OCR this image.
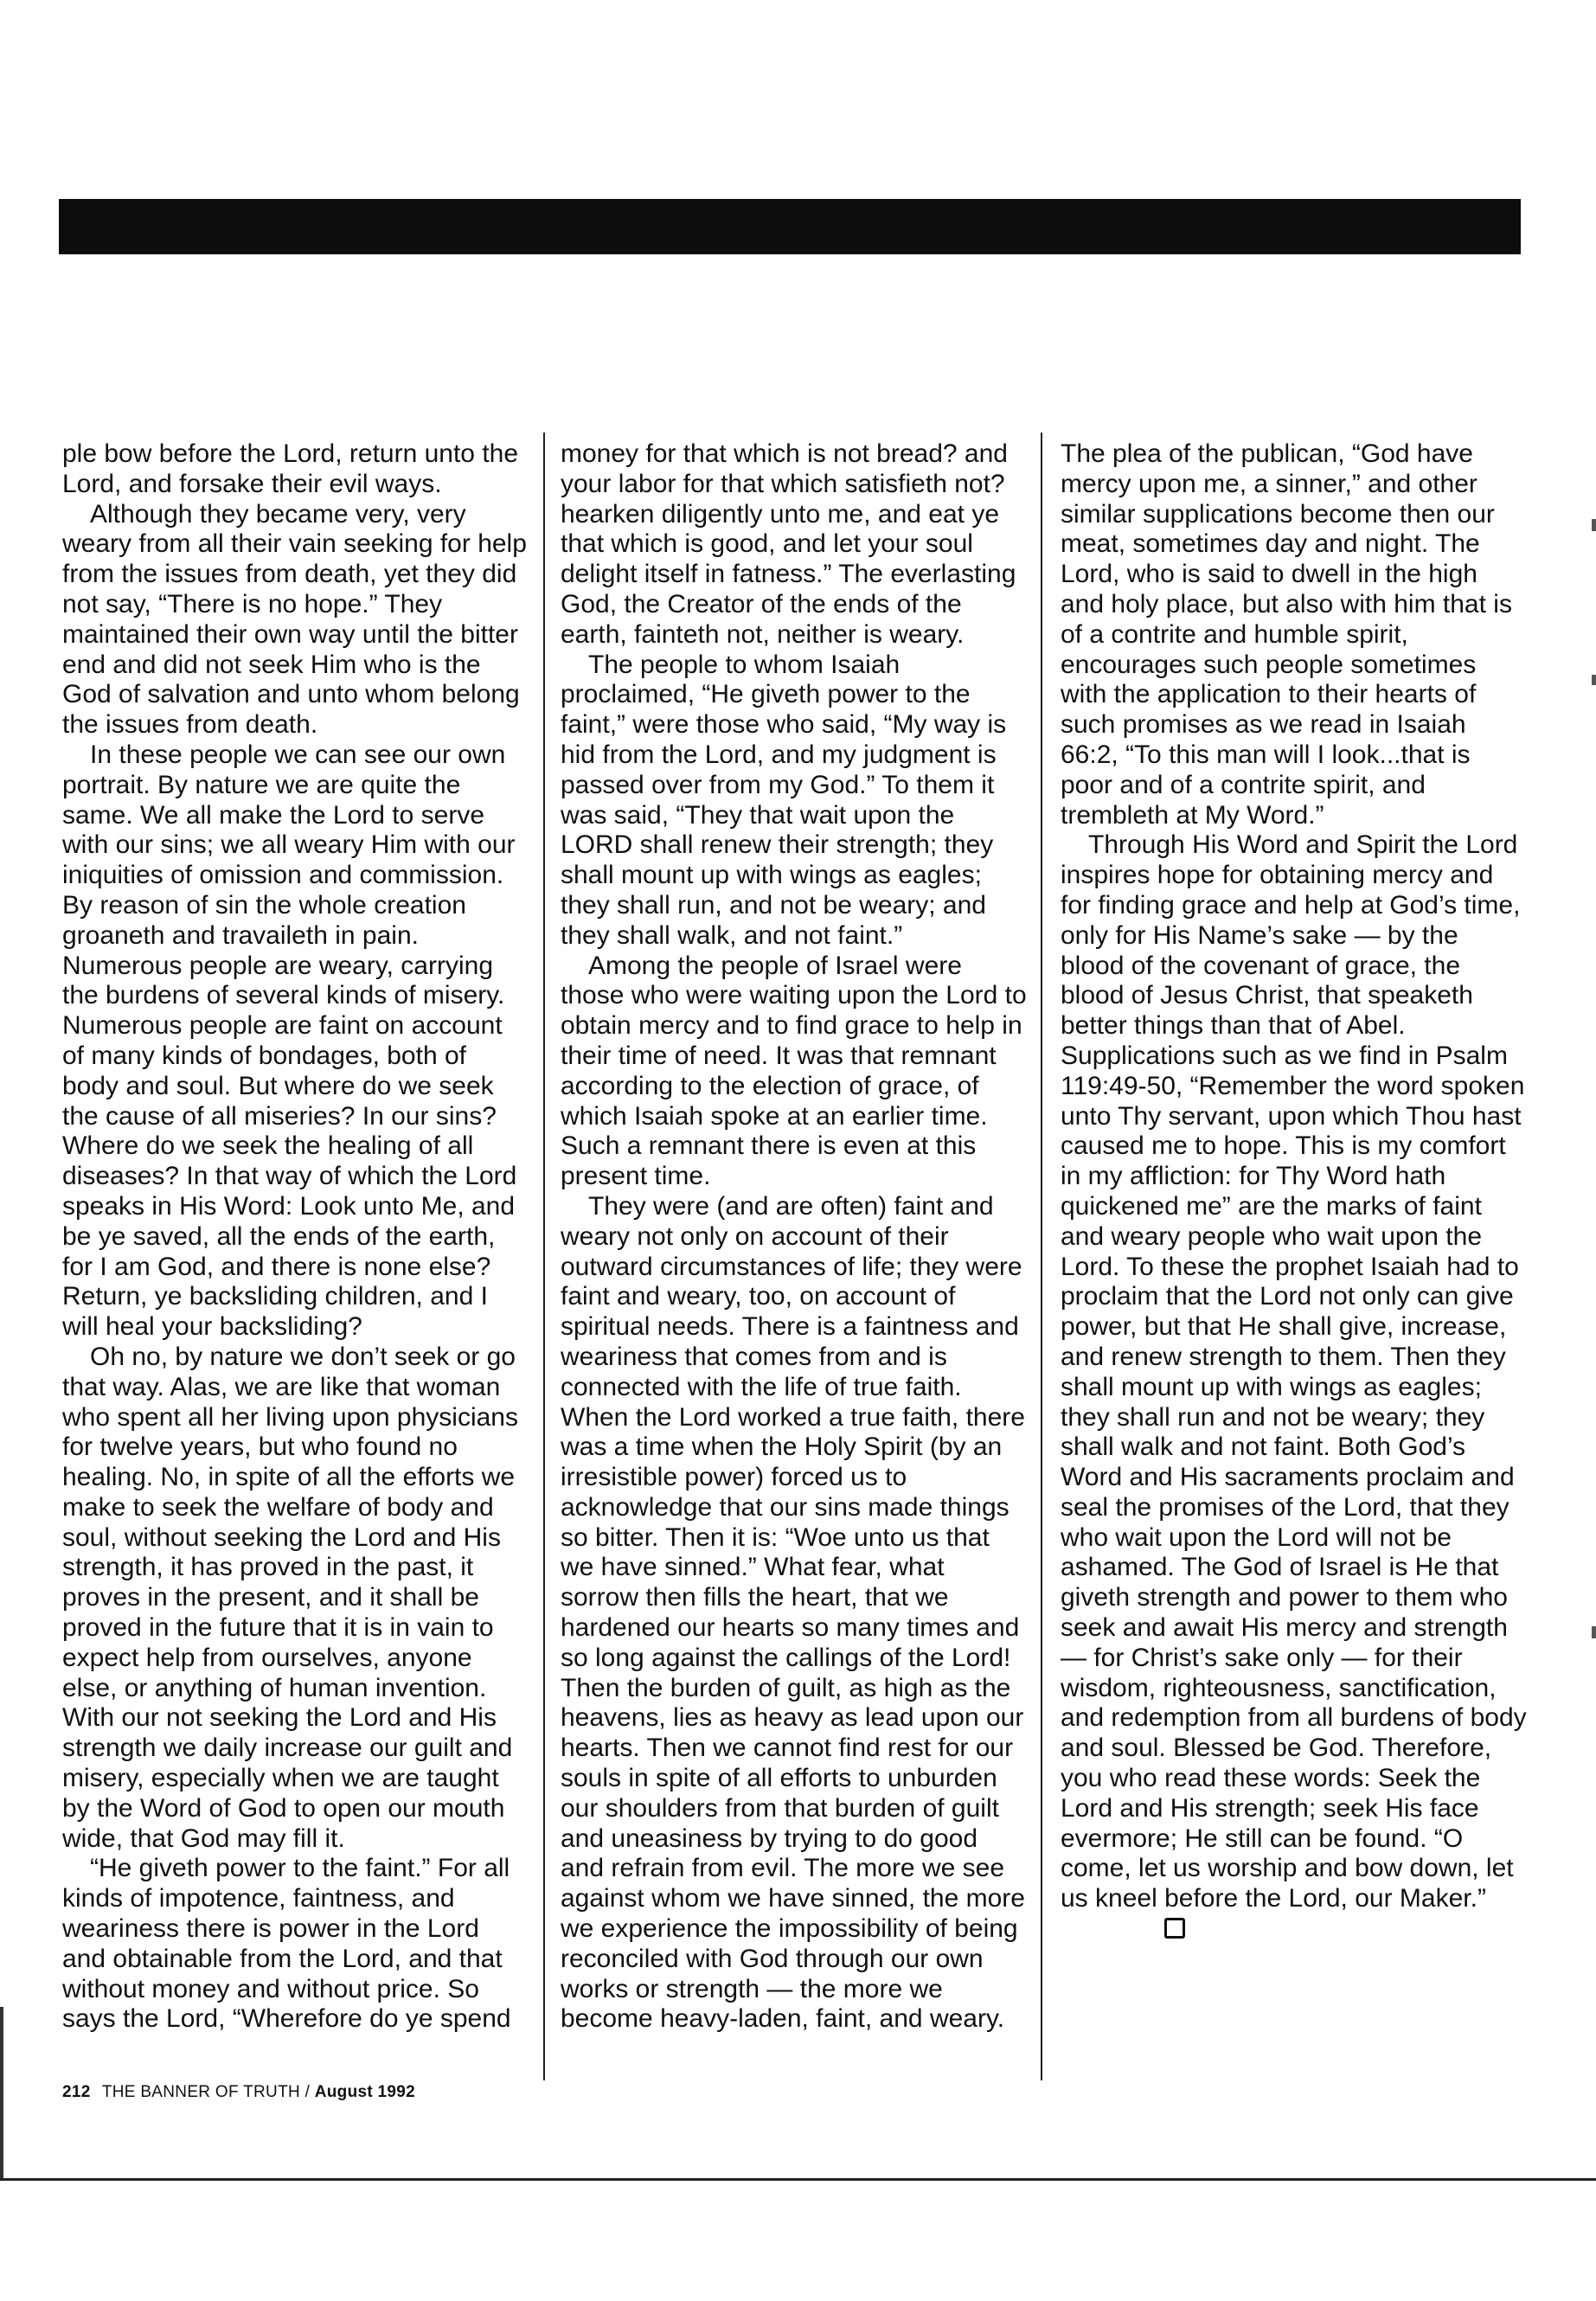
ple bow before the Lord, return unto the Lord, and forsake their evil ways.

Although they became very, very weary from all their vain seeking for help from the issues from death, yet they did not say, “There is no hope.” They maintained their own way until the bitter end and did not seek Him who is the God of salvation and unto whom belong the issues from death.

In these people we can see our own portrait. By nature we are quite the same. We all make the Lord to serve with our sins; we all weary Him with our iniquities of omission and commission. By reason of sin the whole creation groaneth and travaileth in pain. Numerous people are weary, carrying the burdens of several kinds of misery. Numerous people are faint on account of many kinds of bondages, both of body and soul. But where do we seek the cause of all miseries? In our sins? Where do we seek the healing of all diseases? In that way of which the Lord speaks in His Word: Look unto Me, and be ye saved, all the ends of the earth, for I am God, and there is none else? Return, ye backsliding children, and I will heal your backsliding?

Oh no, by nature we don’t seek or go that way. Alas, we are like that woman who spent all her living upon physicians for twelve years, but who found no healing. No, in spite of all the efforts we make to seek the welfare of body and soul, without seeking the Lord and His strength, it has proved in the past, it proves in the present, and it shall be proved in the future that it is in vain to expect help from ourselves, anyone else, or anything of human invention. With our not seeking the Lord and His strength we daily increase our guilt and misery, especially when we are taught by the Word of God to open our mouth wide, that God may fill it.

“He giveth power to the faint.” For all kinds of impotence, faintness, and weariness there is power in the Lord and obtainable from the Lord, and that without money and without price. So says the Lord, “Wherefore do ye spend

money for that which is not bread? and your labor for that which satisfieth not? hearken diligently unto me, and eat ye that which is good, and let your soul delight itself in fatness.” The everlasting God, the Creator of the ends of the earth, fainteth not, neither is weary.

The people to whom Isaiah proclaimed, “He giveth power to the faint,” were those who said, “My way is hid from the Lord, and my judgment is passed over from my God.” To them it was said, “They that wait upon the LORD shall renew their strength; they shall mount up with wings as eagles; they shall run, and not be weary; and they shall walk, and not faint.”

Among the people of Israel were those who were waiting upon the Lord to obtain mercy and to find grace to help in their time of need. It was that remnant according to the election of grace, of which Isaiah spoke at an earlier time. Such a remnant there is even at this present time.

They were (and are often) faint and weary not only on account of their outward circumstances of life; they were faint and weary, too, on account of spiritual needs. There is a faintness and weariness that comes from and is connected with the life of true faith. When the Lord worked a true faith, there was a time when the Holy Spirit (by an irresistible power) forced us to acknowledge that our sins made things so bitter. Then it is: “Woe unto us that we have sinned.” What fear, what sorrow then fills the heart, that we hardened our hearts so many times and so long against the callings of the Lord! Then the burden of guilt, as high as the heavens, lies as heavy as lead upon our hearts. Then we cannot find rest for our souls in spite of all efforts to unburden our shoulders from that burden of guilt and uneasiness by trying to do good and refrain from evil. The more we see against whom we have sinned, the more we experience the impossibility of being reconciled with God through our own works or strength — the more we become heavy-laden, faint, and weary.

The plea of the publican, “God have mercy upon me, a sinner,” and other similar supplications become then our meat, sometimes day and night. The Lord, who is said to dwell in the high and holy place, but also with him that is of a contrite and humble spirit, encourages such people sometimes with the application to their hearts of such promises as we read in Isaiah 66:2, “To this man will I look...that is poor and of a contrite spirit, and trembleth at My Word.”

Through His Word and Spirit the Lord inspires hope for obtaining mercy and for finding grace and help at God’s time, only for His Name’s sake — by the blood of the covenant of grace, the blood of Jesus Christ, that speaketh better things than that of Abel. Supplications such as we find in Psalm 119:49-50, “Remember the word spoken unto Thy servant, upon which Thou hast caused me to hope. This is my comfort in my affliction: for Thy Word hath quickened me” are the marks of faint and weary people who wait upon the Lord. To these the prophet Isaiah had to proclaim that the Lord not only can give power, but that He shall give, increase, and renew strength to them. Then they shall mount up with wings as eagles; they shall run and not be weary; they shall walk and not faint. Both God’s Word and His sacraments proclaim and seal the promises of the Lord, that they who wait upon the Lord will not be ashamed. The God of Israel is He that giveth strength and power to them who seek and await His mercy and strength — for Christ’s sake only — for their wisdom, righteousness, sanctification, and redemption from all burdens of body and soul. Blessed be God. Therefore, you who read these words: Seek the Lord and His strength; seek His face evermore; He still can be found. “O come, let us worship and bow down, let us kneel before the Lord, our Maker.”

212 THE BANNER OF TRUTH / August 1992
